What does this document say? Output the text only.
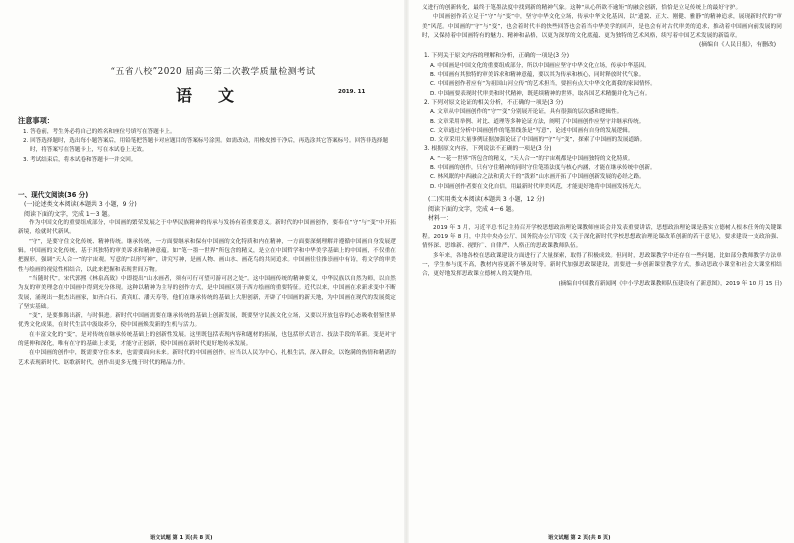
“五省八校”2020 届高三第二次教学质量检测考试
语文	2019. 11

注意事项：

1. 答卷前，考生务必将自己的姓名和座位号填写在答题卡上。

2. 回答选择题时，选出每小题答案后，用铅笔把答题卡对应题目的答案标号涂黑。如需改动，用橡皮擦干净后，再选涂其它答案标号。回答非选择题时，将答案写在答题卡上，写在本试卷上无效。

3. 考试结束后，将本试卷和答题卡一并交回。

一、现代文阅读(36 分)

(一)论述类文本阅读(本题共 3 小题，9 分)

阅读下面的文字，完成 1～3 题。

作为中国文化的重要组成部分，中国画的繁荣发展之于中华民族精神的传承与发扬有着重要意义。新时代的中国画创作，要奉在“守”与“变”中开拓新境，绘就时代新风。

“守”，是要守住文化传统、精神传统。继承传统，一方面要继承和保有中国画的文化特质和内在精神，一方面要深刻理解并遵循中国画自身发展逻辑。中国画的文化传统，基于其独特的审美诉求和精神意蕴。如“笔一墨一世界”所包含的精义，是立在中国哲学和中华美学基础上的中国画，不仅重在把握形，强调“天人合一”的宇宙观。写意的“以形写神”，讲究写神，是画人物、画山水、画花鸟的共同追求。中国画往往推崇画中有诗，将文学的审美性与绘画的视觉性相结合，以此来把握和表现世间万物。

“当随时代”。宋代郭熙《林泉高致》中即提出“山水画者，须有可行可望可游可居之处”。这中国画传统的精神要义，中华民族以自然为师，以自然为友的审美理念在中国画中得到充分体现。这种以精神为主导的创作方式，是中国画区别于西方绘画的重要特征。近代以来，中国画在求新求变中不断发展，涌现出一批杰出画家，如齐白石、黄宾虹、潘天寿等，他们在继承传统的基础上大胆创新，开辟了中国画的新天地，为中国画在现代的发展奠定了坚实基础。

“变”，是要推陈出新，与时俱进。新时代中国画需要在继承传统的基础上创新发展，既要坚守民族文化立场，又要以开放包容的心态吸收借鉴世界优秀文化成果，在时代生活中汲取养分，使中国画焕发新的生机与活力。

在丰富文化的“变”，是对传统在继承传统基础上的创新性发展。这里既包括表现内容和题材的拓展，也包括形式语言、技法手段的革新。变是对守的延伸和深化，唯有在守的基础上求变，才能守正创新，使中国画在新时代更好地传承发展。

在中国画的创作中，既需要守住本来，也需要面向未来。新时代的中国画创作，应当以人民为中心，扎根生活，深入群众，以饱满的热情和精湛的艺术表现新时代、讴歌新时代，创作出更多无愧于时代的精品力作。

语文试题 第 1 页(共 8 页)

义进行的创新转化，最终于笔墨法度中找到新的精神气象。这种“从心所欲不逾矩”的融会创新，恰恰是立足传统上的最好守护。

中国画创作若立足于“守”与“变”中，坚守中华文化立场，传承中华文化基因，以“遗貌、正大、刚健、雅静”的精神追求，展现新时代的“审美”风范。中国画的“守”与“变”，也会着时代丰的快些回答也会着当中华美学的回声，是也会有对古代审美的追求，推动着中国画向前发展的同时，又保持着中国画特有的魅力、精神和品格，以更为深厚的文化底蕴、更为独特的艺术风格，续写着中国艺术发展的新篇章。

(摘编自《人民日报》，有删改)

1. 下列关于原文内容的理解和分析，正确的一项是(3 分)

A. 中国画是中国文化的重要组成部分，所以中国画应坚守中华文化立场，传承中华基因。

B. 中国画有其独特的审美诉求和精神意蕴，要以其为传承和核心，同时释放时代气象。

C. 中国画创作者应有“为祖国山河立传”的艺术担当，要担有点大中华文化离我的家园情怀。

D. 中国画要表现时代审美和时代精神，既延续精神的世界，取各国艺术精髓并化为己有。

2. 下列对原文论证的相关分析，不正确的一项是(3 分)

A. 文章从中国画创作的“守”“变”分别展开论证，具有很强的层次感和逻辑性。

B. 文章采用举例、对比、道理等多种论证方法，阐明了中国画创作应坚守并继承传统。

C. 文章通过分析中国画创作的笔墨线条是“写意”，论述中国画有自身的发展逻辑。

D. 文章采用大量事例证据加强论证了中国画的“守”与“变”，探索了中国画的发展道路。

3. 根据原文内容，下列说法不正确的一项是(3 分)

A. “一花一世界”所包含的精义，“天人合一”的宇宙观都是中国画独特的文化特质。

B. 中国画的创作，只有守住精神的同时守住笔墨法度与核心内涵，才能在继承传统中创新。

C. 林风眠的中西融合之法和黄大千的“泼彩”山水画开拓了中国画创新发展的必经之路。

D. 中国画创作者要在文化自信，用最新时代审美风范，才能更好地将中国画发扬光大。

(二)实用类文本阅读(本题共 3 小题，12 分)

阅读下面的文字，完成 4～6 题。

材料一：

2019 年 3 月，习近平总书记主持召开学校思想政治理论课教师座谈会并发表重要讲话，思想政治理论课是落实立德树人根本任务的关键课程。2019 年 8 月，中共中央办公厅、国务院办公厅印发《关于深化新时代学校思想政治理论课改革创新的若干意见》，要求建设一支政治强、情怀深、思维新、视野广、自律严、人格正的思政课教师队伍。

多年来，各地各校在思政课建设方面进行了大量探索，取得了积极成效。但同时，思政课教学中还存在一些问题，比如部分教师教学方法单一，学生参与度不高，教材内容更新不够及时等。新时代加强思政课建设，需要进一步创新课堂教学方式，推动思政小课堂和社会大课堂相结合，更好地发挥思政课立德树人的关键作用。

(摘编自中国教育新闻网《中小学思政课教师队伍建设有了新意图》，2019 年 10 月 15 日)

语文试题 第 2 页(共 8 页)
